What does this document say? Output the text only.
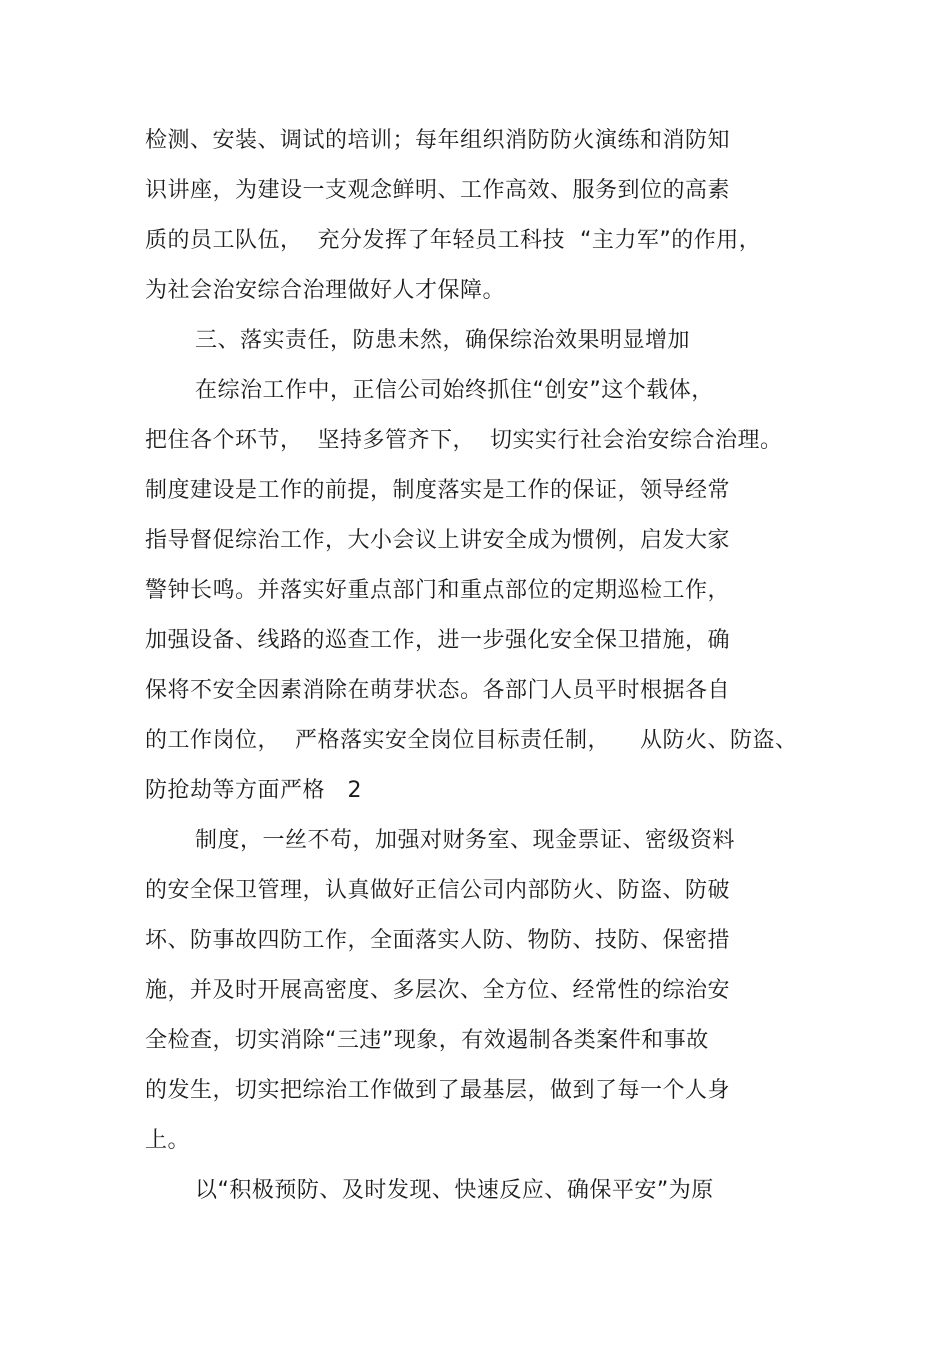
检测、安装、调试的培训；每年组织消防防火演练和消防知
识讲座，为建设一支观念鲜明、工作高效、服务到位的高素
质的员工队伍，  充分发挥了年轻员工科技  “主力军”的作用，
为社会治安综合治理做好人才保障。
三、落实责任，防患未然，确保综治效果明显增加
在综治工作中，正信公司始终抓住“创安”这个载体，
把住各个环节，  坚持多管齐下，  切实实行社会治安综合治理。
制度建设是工作的前提，制度落实是工作的保证，领导经常
指导督促综治工作，大小会议上讲安全成为惯例，启发大家
警钟长鸣。并落实好重点部门和重点部位的定期巡检工作，
加强设备、线路的巡查工作，进一步强化安全保卫措施，确
保将不安全因素消除在萌芽状态。各部门人员平时根据各自
的工作岗位，  严格落实安全岗位目标责任制，    从防火、防盗、
防抢劫等方面严格   2
制度，一丝不苟，加强对财务室、现金票证、密级资料
的安全保卫管理，认真做好正信公司内部防火、防盗、防破
坏、防事故四防工作，全面落实人防、物防、技防、保密措
施，并及时开展高密度、多层次、全方位、经常性的综治安
全检查，切实消除“三违”现象，有效遏制各类案件和事故
的发生，切实把综治工作做到了最基层，做到了每一个人身
上。
以“积极预防、及时发现、快速反应、确保平安”为原
